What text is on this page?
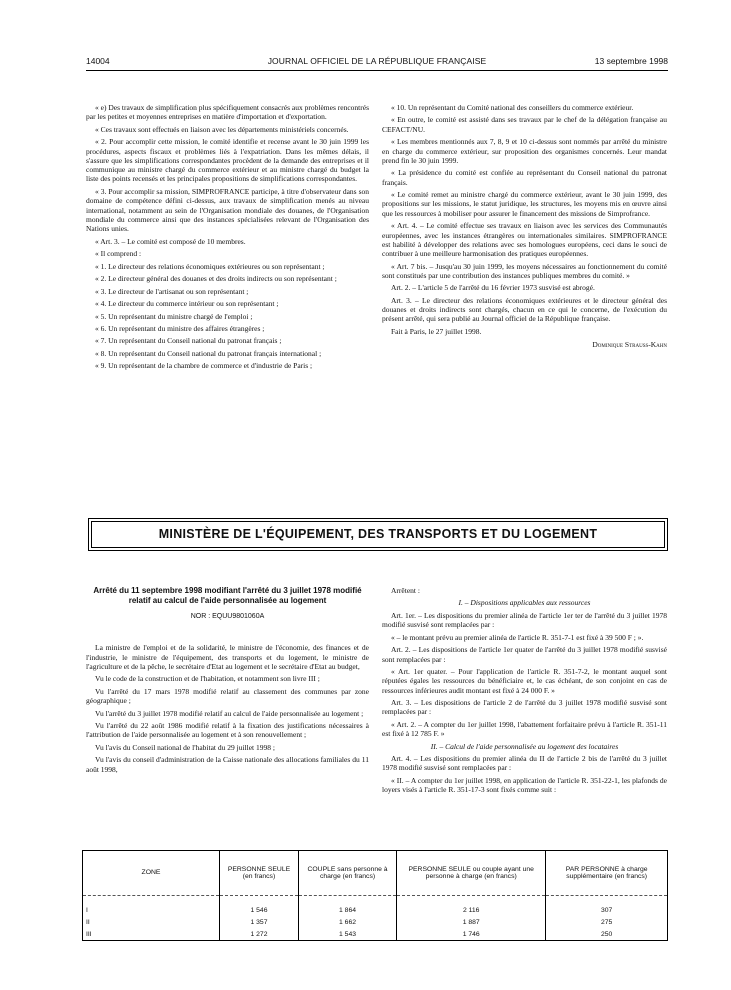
14004	JOURNAL OFFICIEL DE LA RÉPUBLIQUE FRANÇAISE	13 septembre 1998

« e) Des travaux de simplification plus spécifiquement consacrés aux problèmes rencontrés par les petites et moyennes entreprises en matière d'importation et d'exportation.

« Ces travaux sont effectués en liaison avec les départements ministériels concernés.

« 2. Pour accomplir cette mission, le comité identifie et recense avant le 30 juin 1999 les procédures, aspects fiscaux et problèmes liés à l'expatriation. Dans les mêmes délais, il s'assure que les simplifications correspondantes procèdent de la demande des entreprises et il communique au ministre chargé du commerce extérieur et au ministre chargé du budget la liste des points recensés et les principales propositions de simplifications correspondantes.

« 3. Pour accomplir sa mission, SIMPROFRANCE participe, à titre d'observateur dans son domaine de compétence défini ci-dessus, aux travaux de simplification menés au niveau international, notamment au sein de l'Organisation mondiale des douanes, de l'Organisation mondiale du commerce ainsi que des instances spécialisées relevant de l'Organisation des Nations unies.

« Art. 3. – Le comité est composé de 10 membres.

« Il comprend :

« 1. Le directeur des relations économiques extérieures ou son représentant ;

« 2. Le directeur général des douanes et des droits indirects ou son représentant ;

« 3. Le directeur de l'artisanat ou son représentant ;

« 4. Le directeur du commerce intérieur ou son représentant ;

« 5. Un représentant du ministre chargé de l'emploi ;

« 6. Un représentant du ministre des affaires étrangères ;

« 7. Un représentant du Conseil national du patronat français ;

« 8. Un représentant du Conseil national du patronat français international ;

« 9. Un représentant de la chambre de commerce et d'industrie de Paris ;

« 10. Un représentant du Comité national des conseillers du commerce extérieur.

« En outre, le comité est assisté dans ses travaux par le chef de la délégation française au CEFACT/NU.

« Les membres mentionnés aux 7, 8, 9 et 10 ci-dessus sont nommés par arrêté du ministre en charge du commerce extérieur, sur proposition des organismes concernés. Leur mandat prend fin le 30 juin 1999.

« La présidence du comité est confiée au représentant du Conseil national du patronat français.

« Le comité remet au ministre chargé du commerce extérieur, avant le 30 juin 1999, des propositions sur les missions, le statut juridique, les structures, les moyens mis en œuvre ainsi que les ressources à mobiliser pour assurer le financement des missions de Simprofrance.

« Art. 4. – Le comité effectue ses travaux en liaison avec les services des Communautés européennes, avec les instances étrangères ou internationales similaires. SIMPROFRANCE est habilité à développer des relations avec ses homologues européens, ceci dans le souci de contribuer à une meilleure harmonisation des pratiques européennes.

« Art. 7 bis. – Jusqu'au 30 juin 1999, les moyens nécessaires au fonctionnement du comité sont constitués par une contribution des instances publiques membres du comité. »

Art. 2. – L'article 5 de l'arrêté du 16 février 1973 susvisé est abrogé.

Art. 3. – Le directeur des relations économiques extérieures et le directeur général des douanes et droits indirects sont chargés, chacun en ce qui le concerne, de l'exécution du présent arrêté, qui sera publié au Journal officiel de la République française.

Fait à Paris, le 27 juillet 1998.

Dominique Strauss-Kahn

MINISTÈRE DE L'ÉQUIPEMENT, DES TRANSPORTS ET DU LOGEMENT
Arrêté du 11 septembre 1998 modifiant l'arrêté du 3 juillet 1978 modifié relatif au calcul de l'aide personnalisée au logement
NOR : EQUU9801060A

La ministre de l'emploi et de la solidarité, le ministre de l'économie, des finances et de l'industrie, le ministre de l'équipement, des transports et du logement, le ministre de l'agriculture et de la pêche, le secrétaire d'Etat au logement et le secrétaire d'Etat au budget,

Vu le code de la construction et de l'habitation, et notamment son livre III ;

Vu l'arrêté du 17 mars 1978 modifié relatif au classement des communes par zone géographique ;

Vu l'arrêté du 3 juillet 1978 modifié relatif au calcul de l'aide personnalisée au logement ;

Vu l'arrêté du 22 août 1986 modifié relatif à la fixation des justifications nécessaires à l'attribution de l'aide personnalisée au logement et à son renouvellement ;

Vu l'avis du Conseil national de l'habitat du 29 juillet 1998 ;

Vu l'avis du conseil d'administration de la Caisse nationale des allocations familiales du 11 août 1998,

Arrêtent :

I. – Dispositions applicables aux ressources

Art. 1er. – Les dispositions du premier alinéa de l'article 1er ter de l'arrêté du 3 juillet 1978 modifié susvisé sont remplacées par :

« – le montant prévu au premier alinéa de l'article R. 351-7-1 est fixé à 39 500 F ; ».

Art. 2. – Les dispositions de l'article 1er quater de l'arrêté du 3 juillet 1978 modifié susvisé sont remplacées par :

« Art. 1er quater. – Pour l'application de l'article R. 351-7-2, le montant auquel sont réputées égales les ressources du bénéficiaire et, le cas échéant, de son conjoint en cas de ressources inférieures audit montant est fixé à 24 000 F. »

Art. 3. – Les dispositions de l'article 2 de l'arrêté du 3 juillet 1978 modifié susvisé sont remplacées par :

« Art. 2. – A compter du 1er juillet 1998, l'abattement forfaitaire prévu à l'article R. 351-11 est fixé à 12 785 F. »

II. – Calcul de l'aide personnalisée au logement des locataires

Art. 4. – Les dispositions du premier alinéa du II de l'article 2 bis de l'arrêté du 3 juillet 1978 modifié susvisé sont remplacées par :

« II. – A compter du 1er juillet 1998, en application de l'article R. 351-22-1, les plafonds de loyers visés à l'article R. 351-17-3 sont fixés comme suit :

ZONE	PERSONNE SEULE (en francs)	COUPLE sans personne à charge (en francs)	PERSONNE SEULE ou couple ayant une personne à charge (en francs)	PAR PERSONNE à charge supplémentaire (en francs)

I	1 546	1 864	2 116	307
II	1 357	1 662	1 887	275
III	1 272	1 543	1 746	250
